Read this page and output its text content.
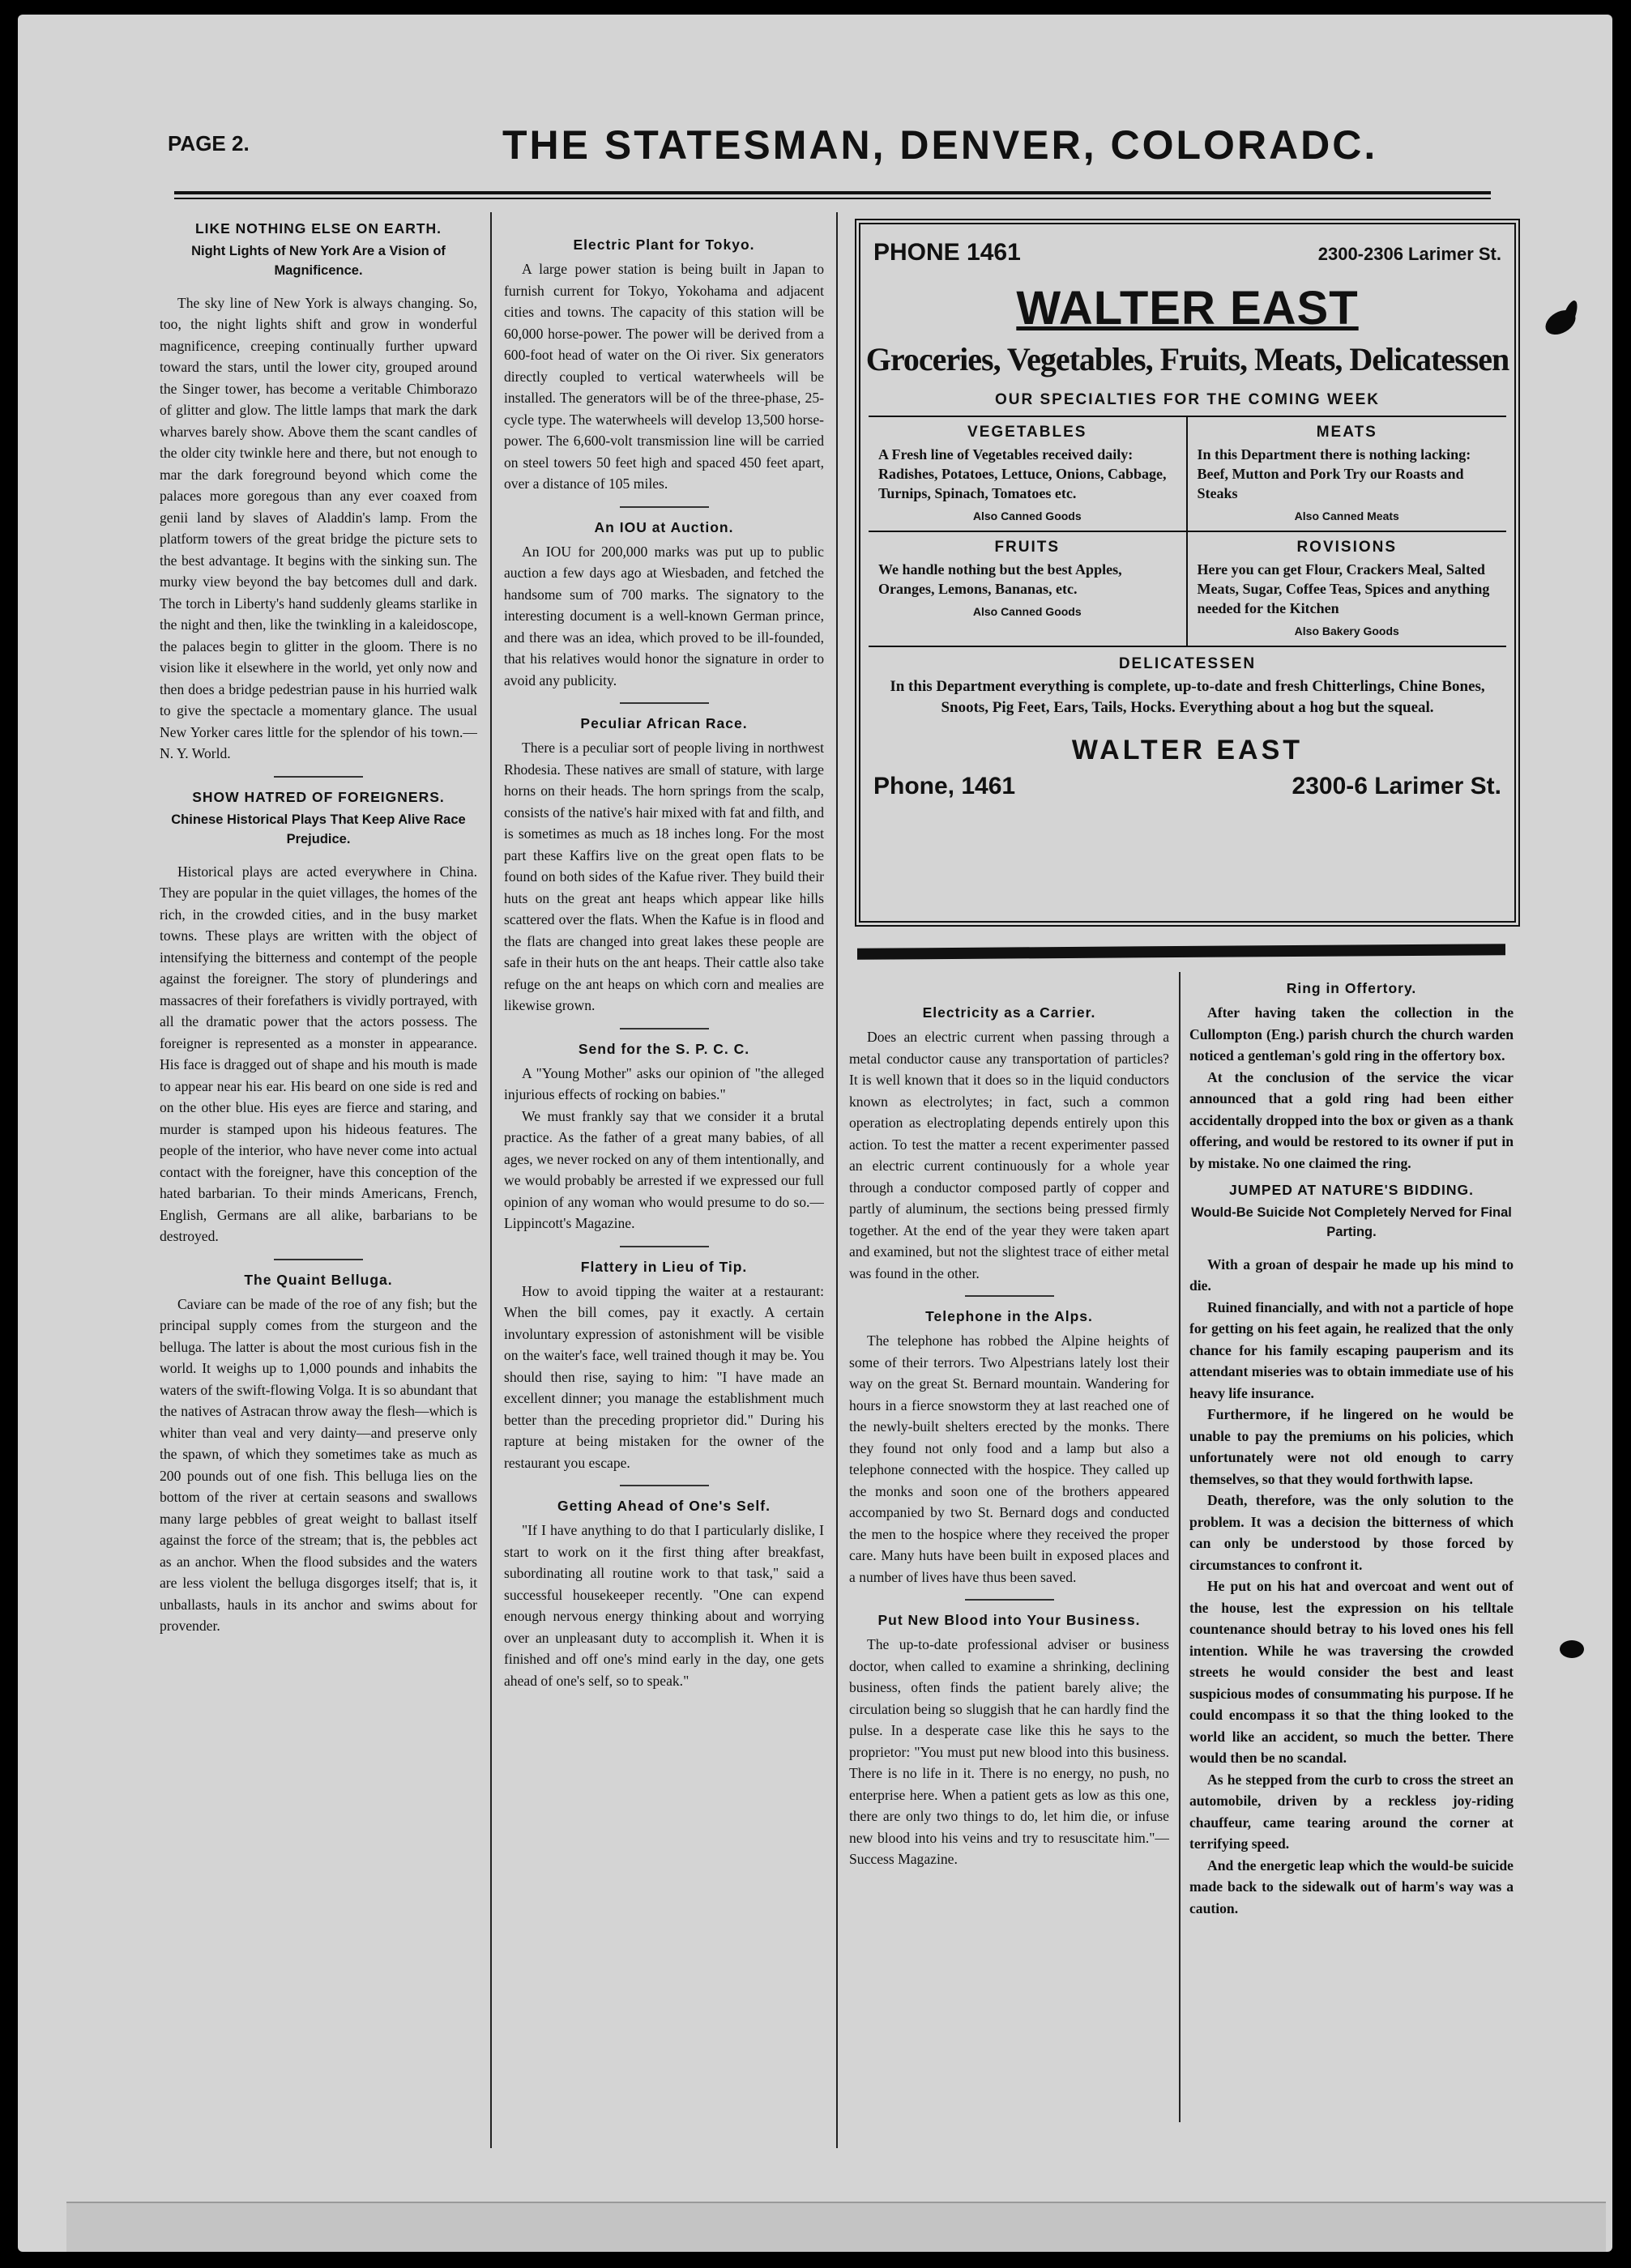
PAGE 2.	THE STATESMAN, DENVER, COLORADC.
LIKE NOTHING ELSE ON EARTH.
Night Lights of New York Are a Vision of Magnificence.

The sky line of New York is always changing. So, too, the night lights shift and grow in wonderful magnificence, creeping continually further upward toward the stars, until the lower city, grouped around the Singer tower, has become a veritable Chimborazo of glitter and glow. The little lamps that mark the dark wharves barely show. Above them the scant candles of the older city twinkle here and there, but not enough to mar the dark foreground beyond which come the palaces more goregous than any ever coaxed from genii land by slaves of Aladdin's lamp. From the platform towers of the great bridge the picture sets to the best advantage. It begins with the sinking sun. The murky view beyond the bay betcomes dull and dark. The torch in Liberty's hand suddenly gleams starlike in the night and then, like the twinkling in a kaleidoscope, the palaces begin to glitter in the gloom. There is no vision like it elsewhere in the world, yet only now and then does a bridge pedestrian pause in his hurried walk to give the spectacle a momentary glance. The usual New Yorker cares little for the splendor of his town.—N. Y. World.

SHOW HATRED OF FOREIGNERS.
Chinese Historical Plays That Keep Alive Race Prejudice.

Historical plays are acted everywhere in China. They are popular in the quiet villages, the homes of the rich, in the crowded cities, and in the busy market towns. These plays are written with the object of intensifying the bitterness and contempt of the people against the foreigner. The story of plunderings and massacres of their forefathers is vividly portrayed, with all the dramatic power that the actors possess. The foreigner is represented as a monster in appearance. His face is dragged out of shape and his mouth is made to appear near his ear. His beard on one side is red and on the other blue. His eyes are fierce and staring, and murder is stamped upon his hideous features. The people of the interior, who have never come into actual contact with the foreigner, have this conception of the hated barbarian. To their minds Americans, French, English, Germans are all alike, barbarians to be destroyed.

The Quaint Belluga.

Caviare can be made of the roe of any fish; but the principal supply comes from the sturgeon and the belluga. The latter is about the most curious fish in the world. It weighs up to 1,000 pounds and inhabits the waters of the swift-flowing Volga. It is so abundant that the natives of Astracan throw away the flesh—which is whiter than veal and very dainty—and preserve only the spawn, of which they sometimes take as much as 200 pounds out of one fish. This belluga lies on the bottom of the river at certain seasons and swallows many large pebbles of great weight to ballast itself against the force of the stream; that is, the pebbles act as an anchor. When the flood subsides and the waters are less violent the belluga disgorges itself; that is, it unballasts, hauls in its anchor and swims about for provender.

Electric Plant for Tokyo.

A large power station is being built in Japan to furnish current for Tokyo, Yokohama and adjacent cities and towns. The capacity of this station will be 60,000 horse-power. The power will be derived from a 600-foot head of water on the Oi river. Six generators directly coupled to vertical waterwheels will be installed. The generators will be of the three-phase, 25-cycle type. The waterwheels will develop 13,500 horse-power. The 6,600-volt transmission line will be carried on steel towers 50 feet high and spaced 450 feet apart, over a distance of 105 miles.

An IOU at Auction.

An IOU for 200,000 marks was put up to public auction a few days ago at Wiesbaden, and fetched the handsome sum of 700 marks. The signatory to the interesting document is a well-known German prince, and there was an idea, which proved to be ill-founded, that his relatives would honor the signature in order to avoid any publicity.

Peculiar African Race.

There is a peculiar sort of people living in northwest Rhodesia. These natives are small of stature, with large horns on their heads. The horn springs from the scalp, consists of the native's hair mixed with fat and filth, and is sometimes as much as 18 inches long. For the most part these Kaffirs live on the great open flats to be found on both sides of the Kafue river. They build their huts on the great ant heaps which appear like hills scattered over the flats. When the Kafue is in flood and the flats are changed into great lakes these people are safe in their huts on the ant heaps. Their cattle also take refuge on the ant heaps on which corn and mealies are likewise grown.

Send for the S. P. C. C.

A "Young Mother" asks our opinion of "the alleged injurious effects of rocking on babies."

We must frankly say that we consider it a brutal practice. As the father of a great many babies, of all ages, we never rocked on any of them intentionally, and we would probably be arrested if we expressed our full opinion of any woman who would presume to do so.—Lippincott's Magazine.

Flattery in Lieu of Tip.

How to avoid tipping the waiter at a restaurant: When the bill comes, pay it exactly. A certain involuntary expression of astonishment will be visible on the waiter's face, well trained though it may be. You should then rise, saying to him: "I have made an excellent dinner; you manage the establishment much better than the preceding proprietor did." During his rapture at being mistaken for the owner of the restaurant you escape.

Getting Ahead of One's Self.

"If I have anything to do that I particularly dislike, I start to work on it the first thing after breakfast, subordinating all routine work to that task," said a successful housekeeper recently. "One can expend enough nervous energy thinking about and worrying over an unpleasant duty to accomplish it. When it is finished and off one's mind early in the day, one gets ahead of one's self, so to speak."

PHONE 1461	2300-2306 Larimer St.
WALTER EAST
Groceries, Vegetables, Fruits, Meats, Delicatessen
OUR SPECIALTIES FOR THE COMING WEEK
VEGETABLES
A Fresh line of Vegetables received daily: Radishes, Potatoes, Lettuce, Onions, Cabbage, Turnips, Spinach, Tomatoes etc.
Also Canned Goods
MEATS
In this Department there is nothing lacking: Beef, Mutton and Pork Try our Roasts and Steaks
Also Canned Meats
FRUITS
We handle nothing but the best Apples, Oranges, Lemons, Bananas, etc.
Also Canned Goods
ROVISIONS
Here you can get Flour, Crackers Meal, Salted Meats, Sugar, Coffee Teas, Spices and anything needed for the Kitchen
Also Bakery Goods
DELICATESSEN
In this Department everything is complete, up-to-date and fresh Chitterlings, Chine Bones, Snoots, Pig Feet, Ears, Tails, Hocks. Everything about a hog but the squeal.
WALTER EAST
Phone, 1461	2300-6 Larimer St.
Electricity as a Carrier.

Does an electric current when passing through a metal conductor cause any transportation of particles? It is well known that it does so in the liquid conductors known as electrolytes; in fact, such a common operation as electroplating depends entirely upon this action. To test the matter a recent experimenter passed an electric current continuously for a whole year through a conductor composed partly of copper and partly of aluminum, the sections being pressed firmly together. At the end of the year they were taken apart and examined, but not the slightest trace of either metal was found in the other.

Telephone in the Alps.

The telephone has robbed the Alpine heights of some of their terrors. Two Alpestrians lately lost their way on the great St. Bernard mountain. Wandering for hours in a fierce snowstorm they at last reached one of the newly-built shelters erected by the monks. There they found not only food and a lamp but also a telephone connected with the hospice. They called up the monks and soon one of the brothers appeared accompanied by two St. Bernard dogs and conducted the men to the hospice where they received the proper care. Many huts have been built in exposed places and a number of lives have thus been saved.

Put New Blood into Your Business.

The up-to-date professional adviser or business doctor, when called to examine a shrinking, declining business, often finds the patient barely alive; the circulation being so sluggish that he can hardly find the pulse. In a desperate case like this he says to the proprietor: "You must put new blood into this business. There is no life in it. There is no energy, no push, no enterprise here. When a patient gets as low as this one, there are only two things to do, let him die, or infuse new blood into his veins and try to resuscitate him."—Success Magazine.

Ring in Offertory.

After having taken the collection in the Cullompton (Eng.) parish church the church warden noticed a gentleman's gold ring in the offertory box.

At the conclusion of the service the vicar announced that a gold ring had been either accidentally dropped into the box or given as a thank offering, and would be restored to its owner if put in by mistake. No one claimed the ring.

JUMPED AT NATURE'S BIDDING.
Would-Be Suicide Not Completely Nerved for Final Parting.

With a groan of despair he made up his mind to die.

Ruined financially, and with not a particle of hope for getting on his feet again, he realized that the only chance for his family escaping pauperism and its attendant miseries was to obtain immediate use of his heavy life insurance.

Furthermore, if he lingered on he would be unable to pay the premiums on his policies, which unfortunately were not old enough to carry themselves, so that they would forthwith lapse.

Death, therefore, was the only solution to the problem. It was a decision the bitterness of which can only be understood by those forced by circumstances to confront it.

He put on his hat and overcoat and went out of the house, lest the expression on his telltale countenance should betray to his loved ones his fell intention. While he was traversing the crowded streets he would consider the best and least suspicious modes of consummating his purpose. If he could encompass it so that the thing looked to the world like an accident, so much the better. There would then be no scandal.

As he stepped from the curb to cross the street an automobile, driven by a reckless joy-riding chauffeur, came tearing around the corner at terrifying speed.

And the energetic leap which the would-be suicide made back to the sidewalk out of harm's way was a caution.
